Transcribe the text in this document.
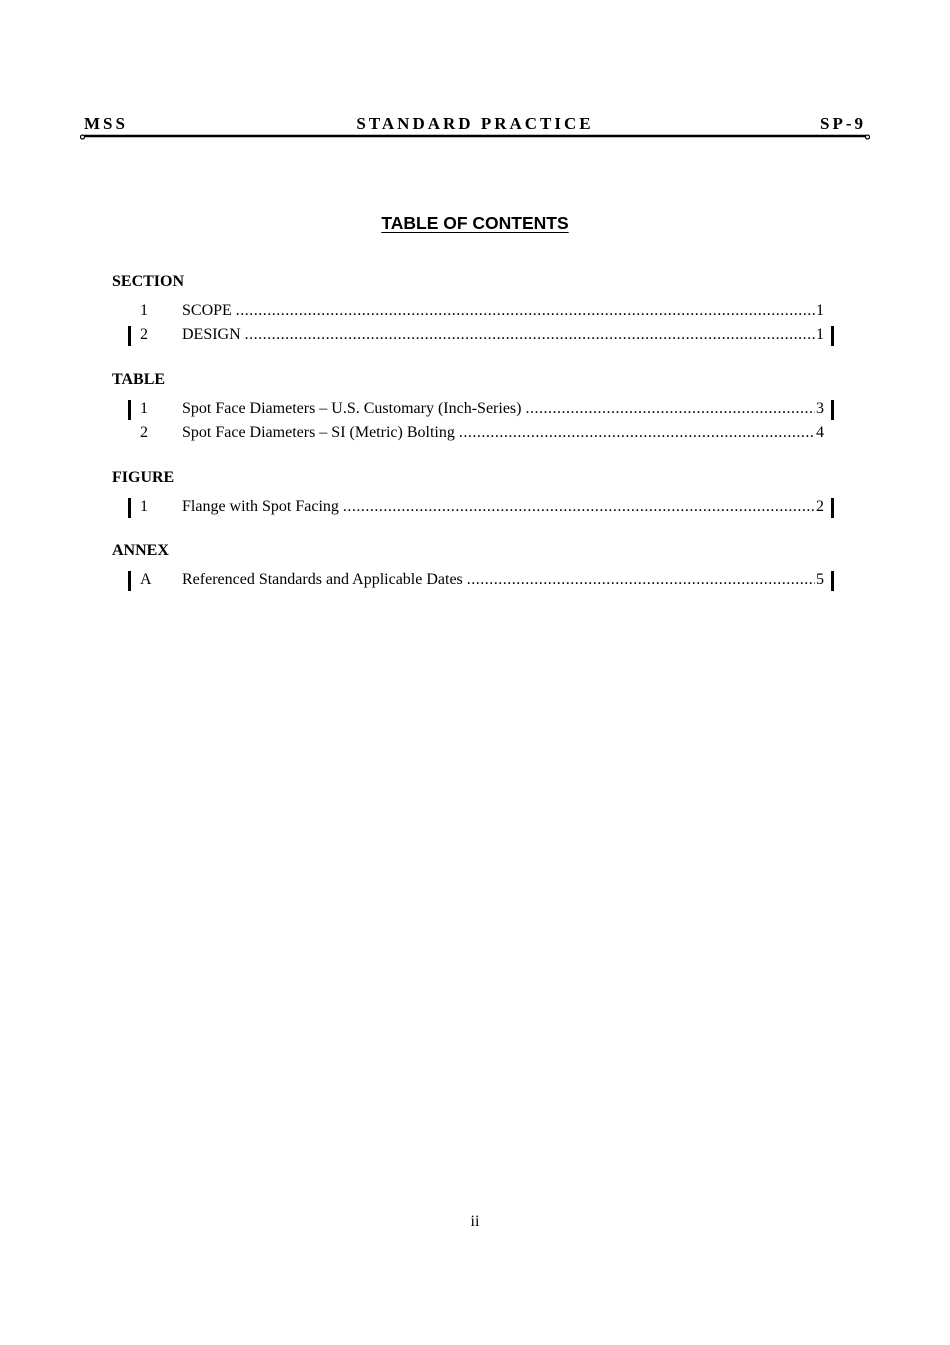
MSS	STANDARD PRACTICE	SP-9
TABLE OF CONTENTS
SECTION
1	SCOPE .....	1
2	DESIGN .....	1
TABLE
1	Spot Face Diameters – U.S. Customary (Inch-Series) .....	3
2	Spot Face Diameters – SI (Metric) Bolting .....	4
FIGURE
1	Flange with Spot Facing .....	2
ANNEX
A	Referenced Standards and Applicable Dates .....	5
ii
